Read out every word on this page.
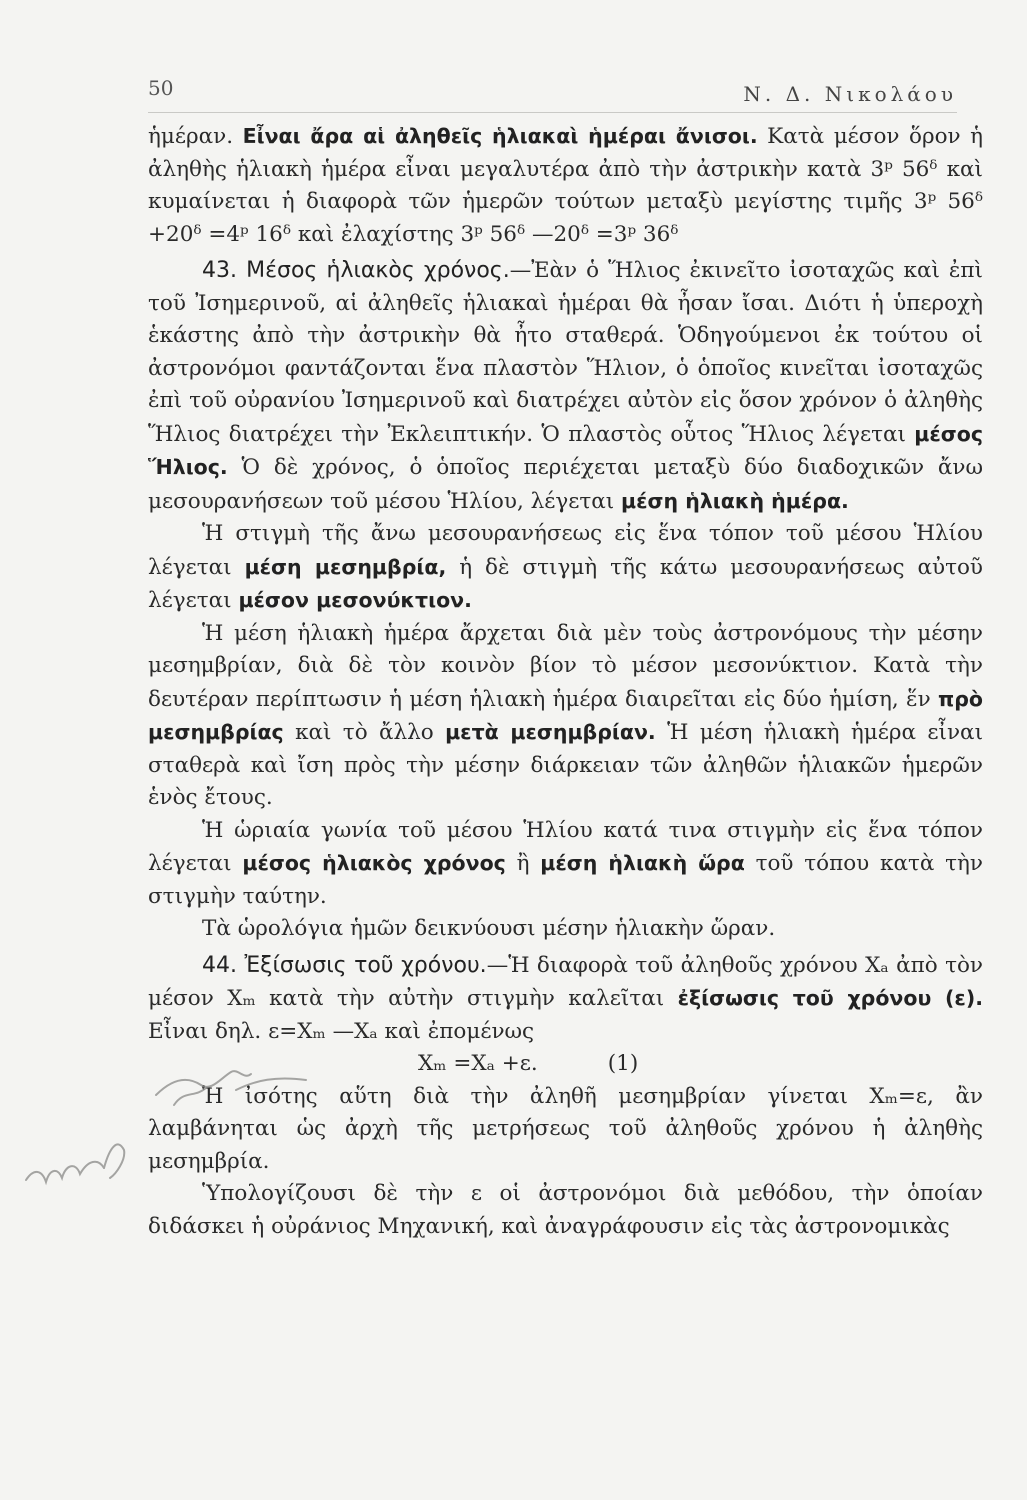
50	Ν. Δ. Νικολάου

ἡμέραν. Εἶναι ἄρα αἱ ἀληθεῖς ἡλιακαὶ ἡμέραι ἄνισοι. Κατὰ μέσον ὅρον ἡ ἀληθὴς ἡλιακὴ ἡμέρα εἶναι μεγαλυτέρα ἀπὸ τὴν ἀστρικὴν κατὰ 3ᵖ 56ᵟ καὶ κυμαίνεται ἡ διαφορὰ τῶν ἡμερῶν τούτων μεταξὺ μεγίστης τιμῆς 3ᵖ 56ᵟ +20ᵟ =4ᵖ 16ᵟ καὶ ἐλαχίστης 3ᵖ 56ᵟ —20ᵟ =3ᵖ 36ᵟ

43. Μέσος ἡλιακὸς χρόνος.—Ἐὰν ὁ Ἥλιος ἐκινεῖτο ἰσοταχῶς καὶ ἐπὶ τοῦ Ἰσημερινοῦ, αἱ ἀληθεῖς ἡλιακαὶ ἡμέραι θὰ ἦσαν ἴσαι. Διότι ἡ ὑπεροχὴ ἑκάστης ἀπὸ τὴν ἀστρικὴν θὰ ἦτο σταθερά. Ὁδηγούμενοι ἐκ τούτου οἱ ἀστρονόμοι φαντάζονται ἕνα πλαστὸν Ἥλιον, ὁ ὁποῖος κινεῖται ἰσοταχῶς ἐπὶ τοῦ οὐρανίου Ἰσημερινοῦ καὶ διατρέχει αὐτὸν εἰς ὅσον χρόνον ὁ ἀληθὴς Ἥλιος διατρέχει τὴν Ἐκλειπτικήν. Ὁ πλαστὸς οὗτος Ἥλιος λέγεται μέσος Ἥλιος. Ὁ δὲ χρόνος, ὁ ὁποῖος περιέχεται μεταξὺ δύο διαδοχικῶν ἄνω μεσουρανήσεων τοῦ μέσου Ἡλίου, λέγεται μέση ἡλιακὴ ἡμέρα.

Ἡ στιγμὴ τῆς ἄνω μεσουρανήσεως εἰς ἕνα τόπον τοῦ μέσου Ἡλίου λέγεται μέση μεσημβρία, ἡ δὲ στιγμὴ τῆς κάτω μεσουρανήσεως αὐτοῦ λέγεται μέσον μεσονύκτιον.

Ἡ μέση ἡλιακὴ ἡμέρα ἄρχεται διὰ μὲν τοὺς ἀστρονόμους τὴν μέσην μεσημβρίαν, διὰ δὲ τὸν κοινὸν βίον τὸ μέσον μεσονύκτιον. Κατὰ τὴν δευτέραν περίπτωσιν ἡ μέση ἡλιακὴ ἡμέρα διαιρεῖται εἰς δύο ἡμίση, ἕν πρὸ μεσημβρίας καὶ τὸ ἄλλο μετὰ μεσημβρίαν. Ἡ μέση ἡλιακὴ ἡμέρα εἶναι σταθερὰ καὶ ἴση πρὸς τὴν μέσην διάρκειαν τῶν ἀληθῶν ἡλιακῶν ἡμερῶν ἑνὸς ἔτους.

Ἡ ὡριαία γωνία τοῦ μέσου Ἡλίου κατά τινα στιγμὴν εἰς ἕνα τόπον λέγεται μέσος ἡλιακὸς χρόνος ἢ μέση ἡλιακὴ ὥρα τοῦ τόπου κατὰ τὴν στιγμὴν ταύτην.

Τὰ ὡρολόγια ἡμῶν δεικνύουσι μέσην ἡλιακὴν ὥραν.

44. Ἐξίσωσις τοῦ χρόνου.—Ἡ διαφορὰ τοῦ ἀληθοῦς χρόνου Xₐ ἀπὸ τὸν μέσον Xₘ κατὰ τὴν αὐτὴν στιγμὴν καλεῖται ἐξίσωσις τοῦ χρόνου (ε). Εἶναι δηλ. ε=Xₘ —Xₐ καὶ ἐπομένως

Xₘ =Xₐ +ε.	(1)

Ἡ ἰσότης αὕτη διὰ τὴν ἀληθῆ μεσημβρίαν γίνεται Xₘ=ε, ἂν λαμβάνηται ὡς ἀρχὴ τῆς μετρήσεως τοῦ ἀληθοῦς χρόνου ἡ ἀληθὴς μεσημβρία.

Ὑπολογίζουσι δὲ τὴν ε οἱ ἀστρονόμοι διὰ μεθόδου, τὴν ὁποίαν διδάσκει ἡ οὐράνιος Μηχανική, καὶ ἀναγράφουσιν εἰς τὰς ἀστρονομικὰς
